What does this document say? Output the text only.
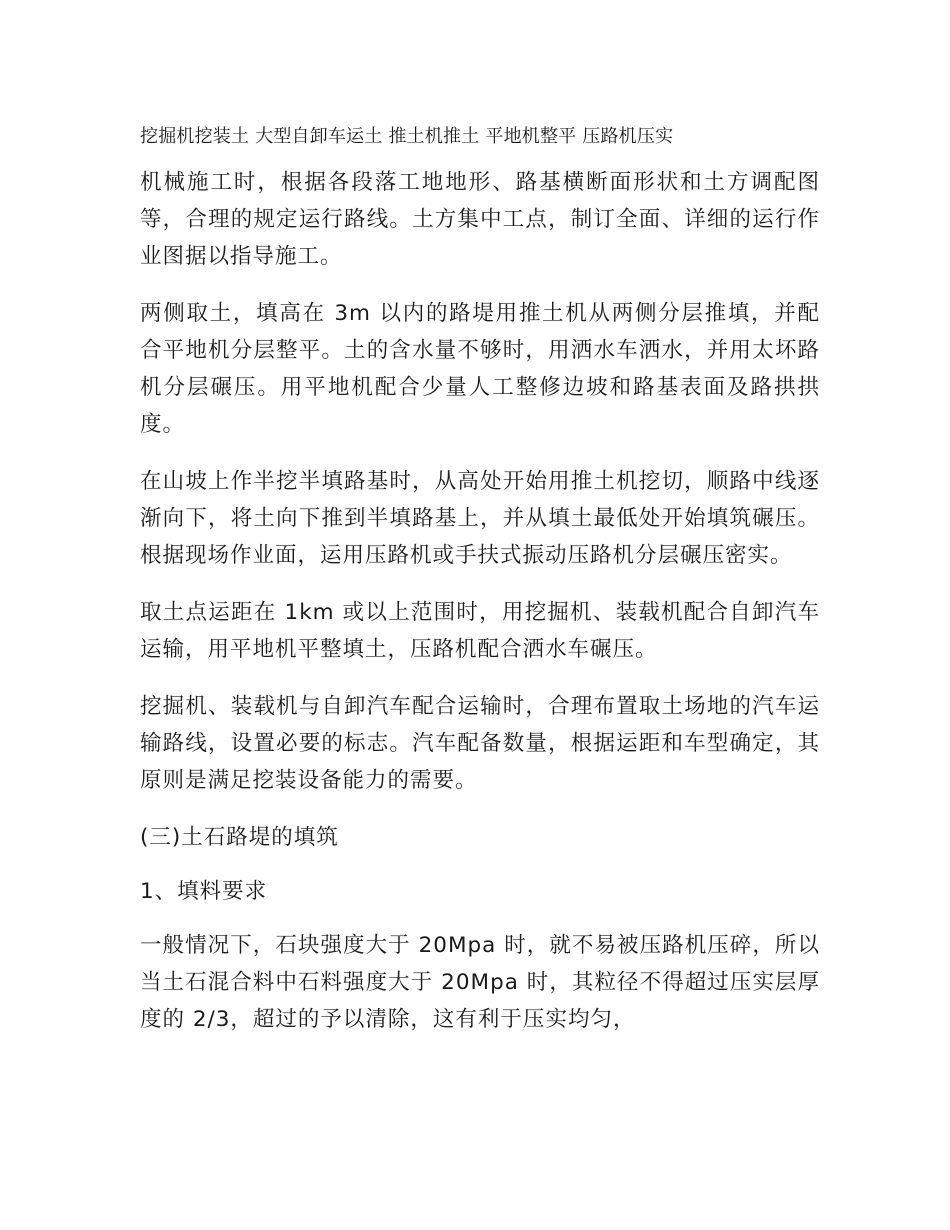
挖掘机挖装土 大型自卸车运土 推土机推土 平地机整平 压路机压实

机械施工时，根据各段落工地地形、路基横断面形状和土方调配图等，合理的规定运行路线。土方集中工点，制订全面、详细的运行作业图据以指导施工。

两侧取土，填高在 3m 以内的路堤用推土机从两侧分层推填，并配合平地机分层整平。土的含水量不够时，用洒水车洒水，并用太坏路机分层碾压。用平地机配合少量人工整修边坡和路基表面及路拱拱度。

在山坡上作半挖半填路基时，从高处开始用推土机挖切，顺路中线逐渐向下，将土向下推到半填路基上，并从填土最低处开始填筑碾压。根据现场作业面，运用压路机或手扶式振动压路机分层碾压密实。

取土点运距在 1km 或以上范围时，用挖掘机、装载机配合自卸汽车运输，用平地机平整填土，压路机配合洒水车碾压。

挖掘机、装载机与自卸汽车配合运输时，合理布置取土场地的汽车运输路线，设置必要的标志。汽车配备数量，根据运距和车型确定，其原则是满足挖装设备能力的需要。

(三)土石路堤的填筑
1、填料要求

一般情况下，石块强度大于 20Mpa 时，就不易被压路机压碎，所以当土石混合料中石料强度大于 20Mpa 时，其粒径不得超过压实层厚度的 2/3，超过的予以清除，这有利于压实均匀，
